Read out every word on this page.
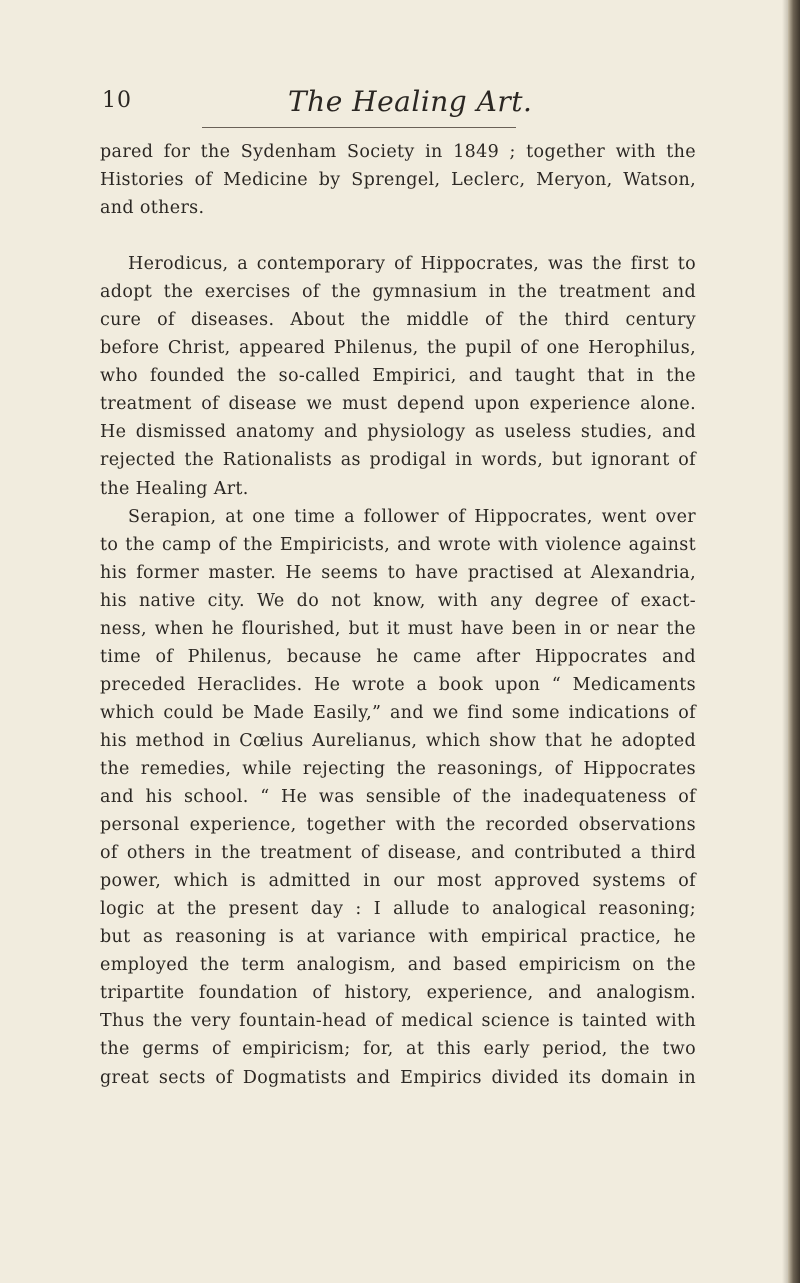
10	The Healing Art.
pared for the Sydenham Society in 1849 ; together with the
Histories of Medicine by Sprengel, Leclerc, Meryon, Watson,
and others.
Herodicus, a contemporary of Hippocrates, was the first to
adopt the exercises of the gymnasium in the treatment and
cure of diseases. About the middle of the third century
before Christ, appeared Philenus, the pupil of one Herophilus,
who founded the so-called Empirici, and taught that in the
treatment of disease we must depend upon experience alone.
He dismissed anatomy and physiology as useless studies, and
rejected the Rationalists as prodigal in words, but ignorant of
the Healing Art.
Serapion, at one time a follower of Hippocrates, went over
to the camp of the Empiricists, and wrote with violence against
his former master. He seems to have practised at Alexandria,
his native city. We do not know, with any degree of exact-
ness, when he flourished, but it must have been in or near the
time of Philenus, because he came after Hippocrates and
preceded Heraclides. He wrote a book upon “ Medicaments
which could be Made Easily,” and we find some indications of
his method in Cœlius Aurelianus, which show that he adopted
the remedies, while rejecting the reasonings, of Hippocrates
and his school. “ He was sensible of the inadequateness of
personal experience, together with the recorded observations
of others in the treatment of disease, and contributed a third
power, which is admitted in our most approved systems of
logic at the present day : I allude to analogical reasoning;
but as reasoning is at variance with empirical practice, he
employed the term analogism, and based empiricism on the
tripartite foundation of history, experience, and analogism.
Thus the very fountain-head of medical science is tainted with
the germs of empiricism; for, at this early period, the two
great sects of Dogmatists and Empirics divided its domain in
